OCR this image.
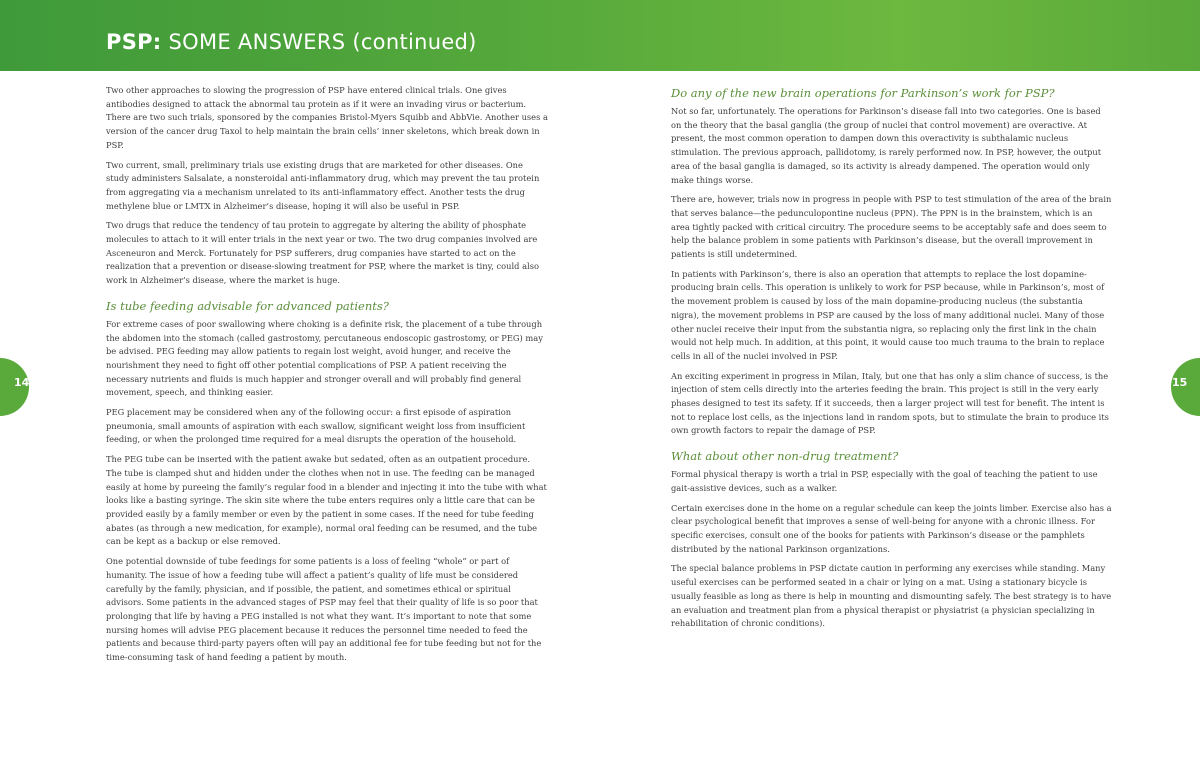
PSP: SOME ANSWERS (continued)
14	15

Two other approaches to slowing the progression of PSP have entered clinical trials. One gives antibodies designed to attack the abnormal tau protein as if it were an invading virus or bacterium. There are two such trials, sponsored by the companies Bristol-Myers Squibb and AbbVie. Another uses a version of the cancer drug Taxol to help maintain the brain cells’ inner skeletons, which break down in PSP.

Two current, small, preliminary trials use existing drugs that are marketed for other diseases. One study administers Salsalate, a nonsteroidal anti-inflammatory drug, which may prevent the tau protein from aggregating via a mechanism unrelated to its anti-inflammatory effect. Another tests the drug methylene blue or LMTX in Alzheimer’s disease, hoping it will also be useful in PSP.

Two drugs that reduce the tendency of tau protein to aggregate by altering the ability of phosphate molecules to attach to it will enter trials in the next year or two. The two drug companies involved are Asceneuron and Merck. Fortunately for PSP sufferers, drug companies have started to act on the realization that a prevention or disease-slowing treatment for PSP, where the market is tiny, could also work in Alzheimer’s disease, where the market is huge.

Is tube feeding advisable for advanced patients?

For extreme cases of poor swallowing where choking is a definite risk, the placement of a tube through the abdomen into the stomach (called gastrostomy, percutaneous endoscopic gastrostomy, or PEG) may be advised. PEG feeding may allow patients to regain lost weight, avoid hunger, and receive the nourishment they need to fight off other potential complications of PSP. A patient receiving the necessary nutrients and fluids is much happier and stronger overall and will probably find general movement, speech, and thinking easier.

PEG placement may be considered when any of the following occur: a first episode of aspiration pneumonia, small amounts of aspiration with each swallow, significant weight loss from insufficient feeding, or when the prolonged time required for a meal disrupts the operation of the household.

The PEG tube can be inserted with the patient awake but sedated, often as an outpatient procedure. The tube is clamped shut and hidden under the clothes when not in use. The feeding can be managed easily at home by pureeing the family’s regular food in a blender and injecting it into the tube with what looks like a basting syringe. The skin site where the tube enters requires only a little care that can be provided easily by a family member or even by the patient in some cases. If the need for tube feeding abates (as through a new medication, for example), normal oral feeding can be resumed, and the tube can be kept as a backup or else removed.

One potential downside of tube feedings for some patients is a loss of feeling “whole” or part of humanity. The issue of how a feeding tube will affect a patient’s quality of life must be considered carefully by the family, physician, and if possible, the patient, and sometimes ethical or spiritual advisors. Some patients in the advanced stages of PSP may feel that their quality of life is so poor that prolonging that life by having a PEG installed is not what they want. It’s important to note that some nursing homes will advise PEG placement because it reduces the personnel time needed to feed the patients and because third-party payers often will pay an additional fee for tube feeding but not for the time-consuming task of hand feeding a patient by mouth.

Do any of the new brain operations for Parkinson’s work for PSP?

Not so far, unfortunately. The operations for Parkinson’s disease fall into two categories. One is based on the theory that the basal ganglia (the group of nuclei that control movement) are overactive. At present, the most common operation to dampen down this overactivity is subthalamic nucleus stimulation. The previous approach, pallidotomy, is rarely performed now. In PSP, however, the output area of the basal ganglia is damaged, so its activity is already dampened. The operation would only make things worse.

There are, however, trials now in progress in people with PSP to test stimulation of the area of the brain that serves balance—the pedunculopontine nucleus (PPN). The PPN is in the brainstem, which is an area tightly packed with critical circuitry. The procedure seems to be acceptably safe and does seem to help the balance problem in some patients with Parkinson’s disease, but the overall improvement in patients is still undetermined.

In patients with Parkinson’s, there is also an operation that attempts to replace the lost dopamine-producing brain cells. This operation is unlikely to work for PSP because, while in Parkinson’s, most of the movement problem is caused by loss of the main dopamine-producing nucleus (the substantia nigra), the movement problems in PSP are caused by the loss of many additional nuclei. Many of those other nuclei receive their input from the substantia nigra, so replacing only the first link in the chain would not help much. In addition, at this point, it would cause too much trauma to the brain to replace cells in all of the nuclei involved in PSP.

An exciting experiment in progress in Milan, Italy, but one that has only a slim chance of success, is the injection of stem cells directly into the arteries feeding the brain. This project is still in the very early phases designed to test its safety. If it succeeds, then a larger project will test for benefit. The intent is not to replace lost cells, as the injections land in random spots, but to stimulate the brain to produce its own growth factors to repair the damage of PSP.

What about other non-drug treatment?

Formal physical therapy is worth a trial in PSP, especially with the goal of teaching the patient to use gait-assistive devices, such as a walker.

Certain exercises done in the home on a regular schedule can keep the joints limber. Exercise also has a clear psychological benefit that improves a sense of well-being for anyone with a chronic illness. For specific exercises, consult one of the books for patients with Parkinson’s disease or the pamphlets distributed by the national Parkinson organizations.

The special balance problems in PSP dictate caution in performing any exercises while standing. Many useful exercises can be performed seated in a chair or lying on a mat. Using a stationary bicycle is usually feasible as long as there is help in mounting and dismounting safely. The best strategy is to have an evaluation and treatment plan from a physical therapist or physiatrist (a physician specializing in rehabilitation of chronic conditions).
